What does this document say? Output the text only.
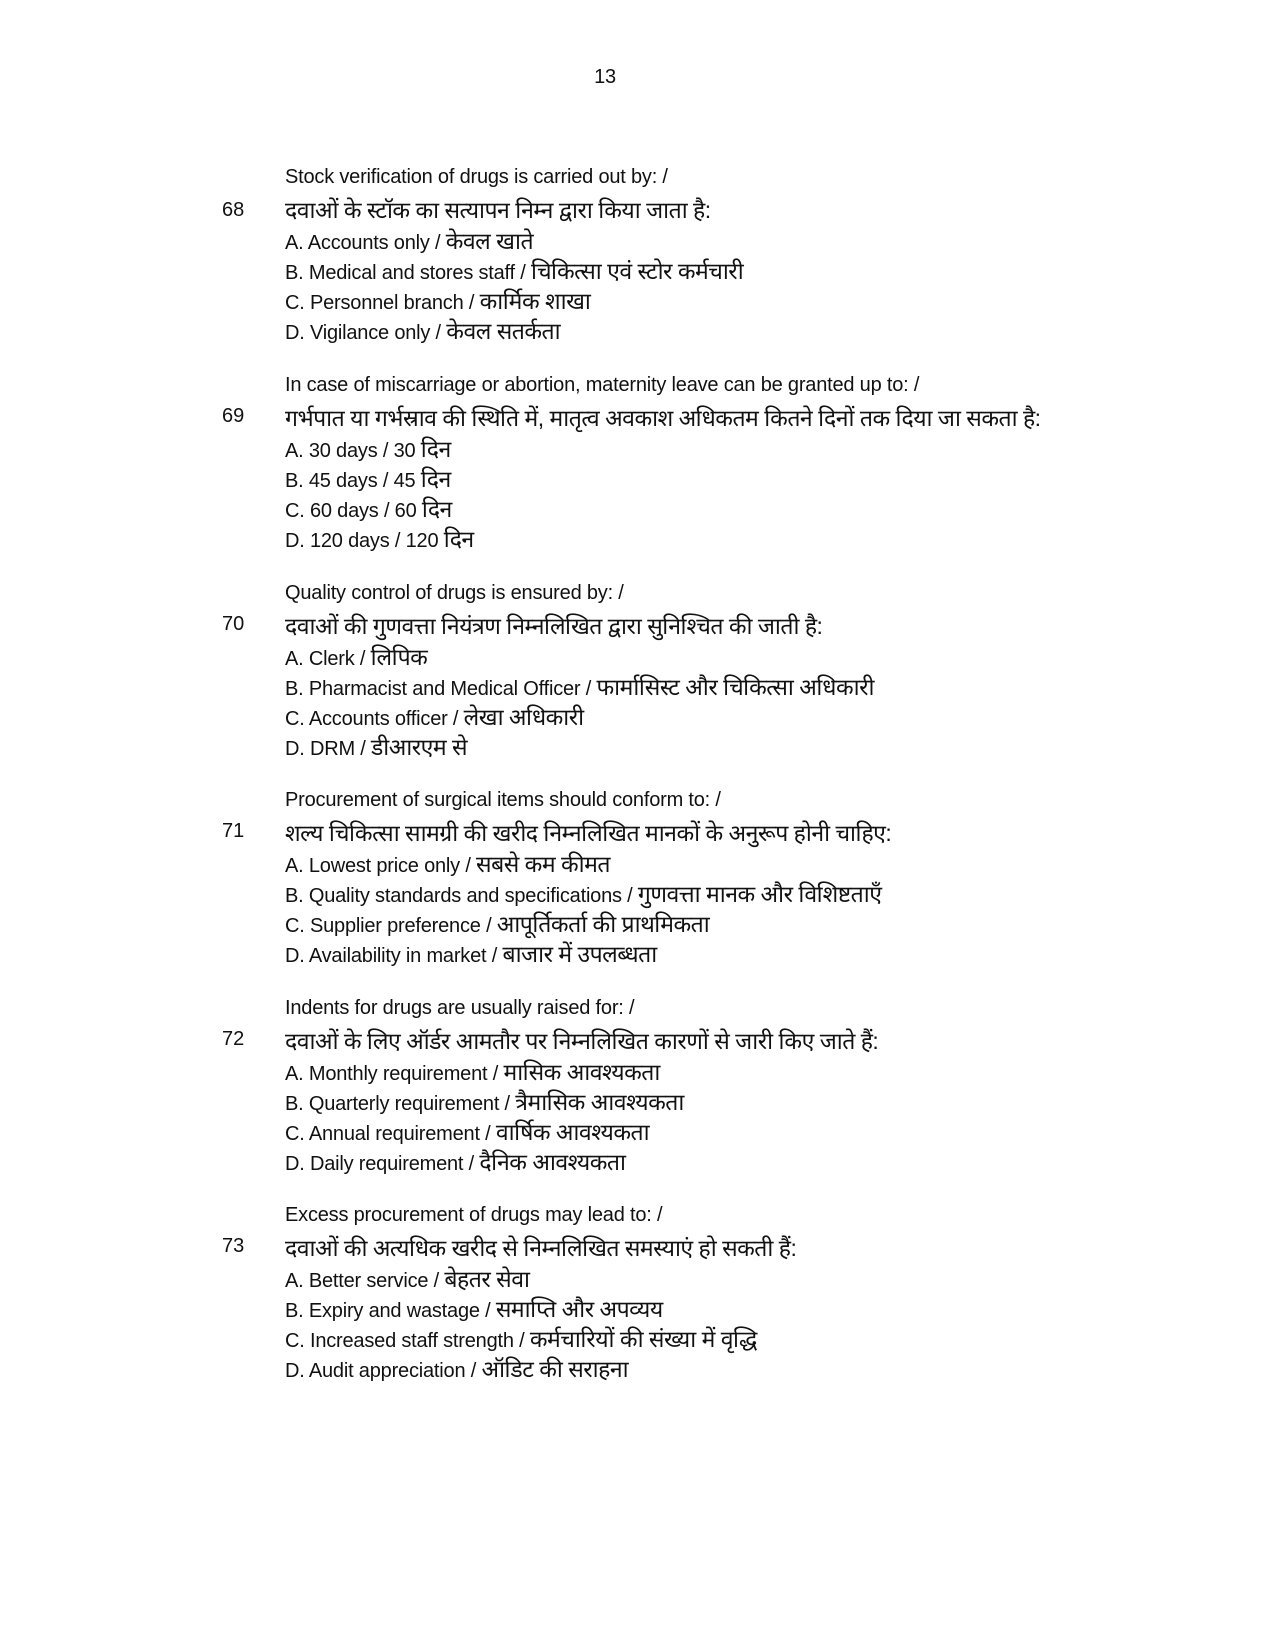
13
Stock verification of drugs is carried out by: /
68 दवाओं के स्टॉक का सत्यापन निम्न द्वारा किया जाता है:
A. Accounts only / केवल खाते
B. Medical and stores staff / चिकित्सा एवं स्टोर कर्मचारी
C. Personnel branch / कार्मिक शाखा
D. Vigilance only / केवल सतर्कता
In case of miscarriage or abortion, maternity leave can be granted up to: /
69 गर्भपात या गर्भस्राव की स्थिति में, मातृत्व अवकाश अधिकतम कितने दिनों तक दिया जा सकता है:
A. 30 days / 30 दिन
B. 45 days / 45 दिन
C. 60 days / 60 दिन
D. 120 days / 120 दिन
Quality control of drugs is ensured by: /
70 दवाओं की गुणवत्ता नियंत्रण निम्नलिखित द्वारा सुनिश्चित की जाती है:
A. Clerk / लिपिक
B. Pharmacist and Medical Officer / फार्मासिस्ट और चिकित्सा अधिकारी
C. Accounts officer / लेखा अधिकारी
D. DRM / डीआरएम से
Procurement of surgical items should conform to: /
71 शल्य चिकित्सा सामग्री की खरीद निम्नलिखित मानकों के अनुरूप होनी चाहिए:
A. Lowest price only / सबसे कम कीमत
B. Quality standards and specifications / गुणवत्ता मानक और विशिष्टताएँ
C. Supplier preference / आपूर्तिकर्ता की प्राथमिकता
D. Availability in market / बाजार में उपलब्धता
Indents for drugs are usually raised for: /
72 दवाओं के लिए ऑर्डर आमतौर पर निम्नलिखित कारणों से जारी किए जाते हैं:
A. Monthly requirement / मासिक आवश्यकता
B. Quarterly requirement / त्रैमासिक आवश्यकता
C. Annual requirement / वार्षिक आवश्यकता
D. Daily requirement / दैनिक आवश्यकता
Excess procurement of drugs may lead to: /
73 दवाओं की अत्यधिक खरीद से निम्नलिखित समस्याएं हो सकती हैं:
A. Better service / बेहतर सेवा
B. Expiry and wastage / समाप्ति और अपव्यय
C. Increased staff strength / कर्मचारियों की संख्या में वृद्धि
D. Audit appreciation / ऑडिट की सराहना
